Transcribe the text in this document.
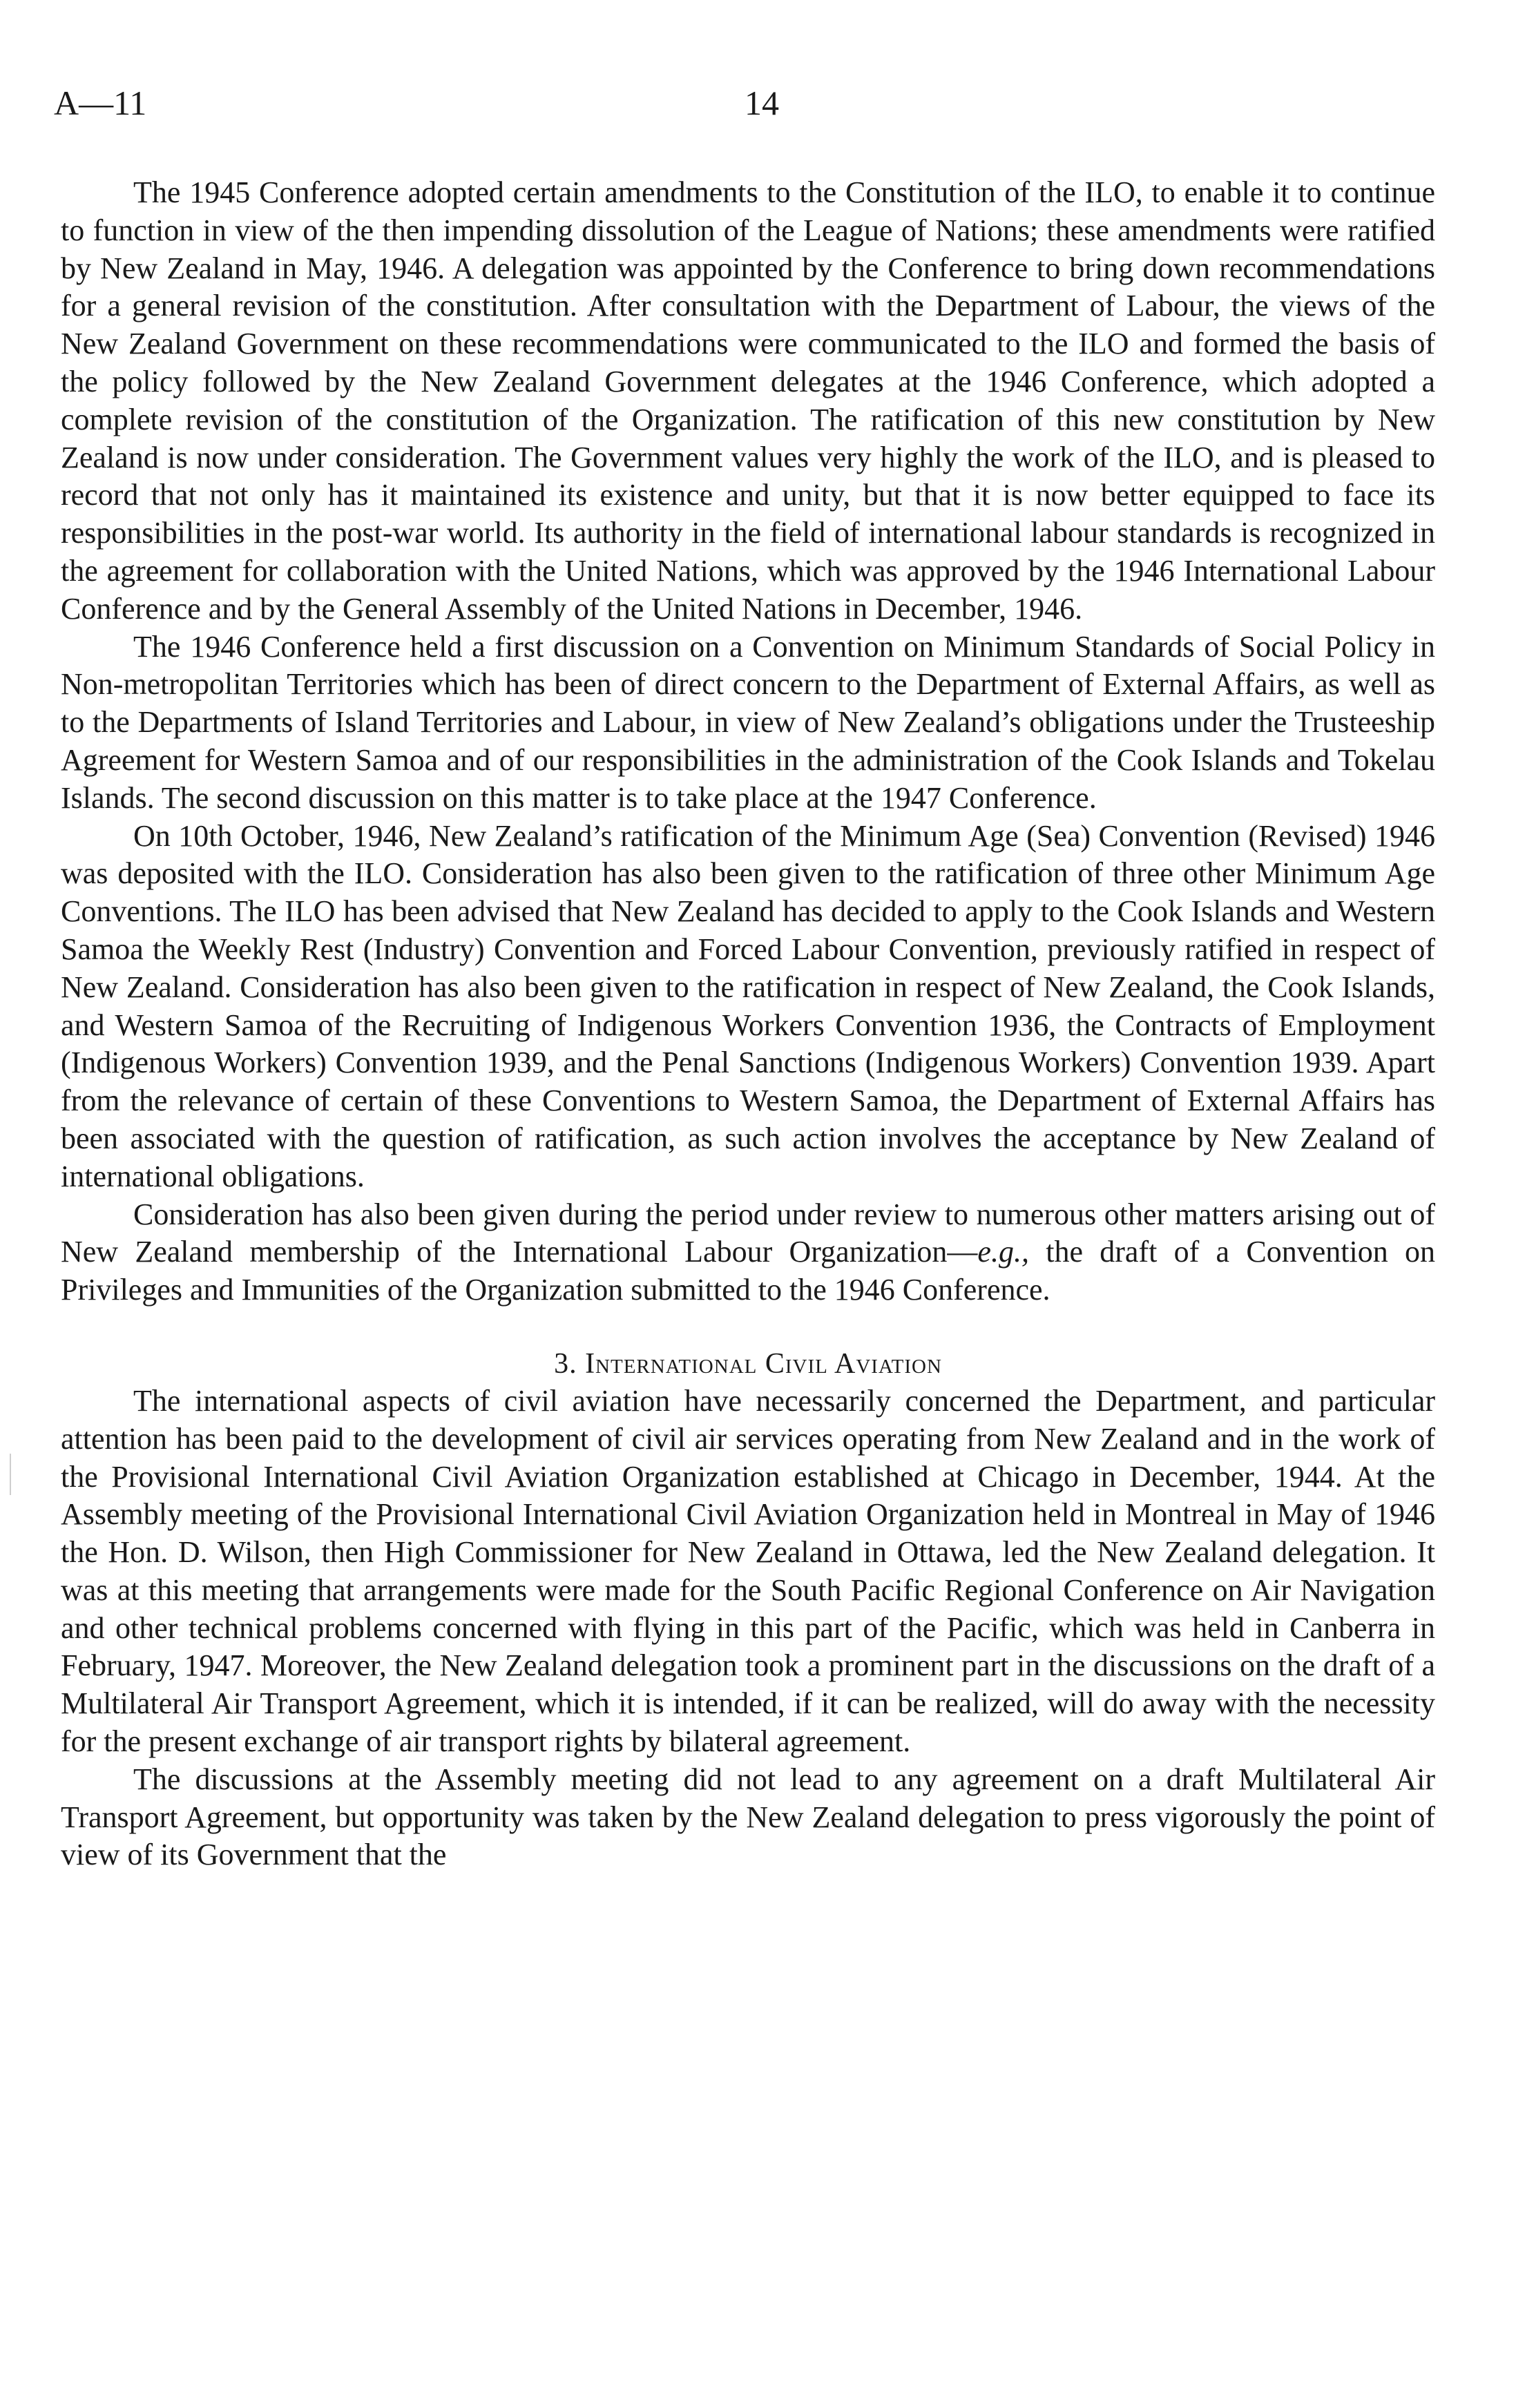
A—11	14

The 1945 Conference adopted certain amendments to the Constitution of the ILO, to enable it to continue to function in view of the then impending dissolution of the League of Nations; these amendments were ratified by New Zealand in May, 1946. A delegation was appointed by the Conference to bring down recommendations for a general revision of the constitution. After consultation with the Department of Labour, the views of the New Zealand Government on these recommendations were communicated to the ILO and formed the basis of the policy followed by the New Zealand Government delegates at the 1946 Conference, which adopted a complete revision of the constitution of the Organization. The ratification of this new constitution by New Zealand is now under consideration. The Government values very highly the work of the ILO, and is pleased to record that not only has it maintained its existence and unity, but that it is now better equipped to face its responsibilities in the post-war world. Its authority in the field of international labour standards is recognized in the agreement for collaboration with the United Nations, which was approved by the 1946 International Labour Conference and by the General Assembly of the United Nations in December, 1946.

The 1946 Conference held a first discussion on a Convention on Minimum Standards of Social Policy in Non-metropolitan Territories which has been of direct concern to the Department of External Affairs, as well as to the Departments of Island Territories and Labour, in view of New Zealand’s obligations under the Trusteeship Agreement for Western Samoa and of our responsibilities in the administration of the Cook Islands and Tokelau Islands. The second discussion on this matter is to take place at the 1947 Conference.

On 10th October, 1946, New Zealand’s ratification of the Minimum Age (Sea) Convention (Revised) 1946 was deposited with the ILO. Consideration has also been given to the ratification of three other Minimum Age Conventions. The ILO has been advised that New Zealand has decided to apply to the Cook Islands and Western Samoa the Weekly Rest (Industry) Convention and Forced Labour Convention, previously ratified in respect of New Zealand. Consideration has also been given to the ratification in respect of New Zealand, the Cook Islands, and Western Samoa of the Recruiting of Indigenous Workers Convention 1936, the Contracts of Employment (Indigenous Workers) Convention 1939, and the Penal Sanctions (Indigenous Workers) Convention 1939. Apart from the relevance of certain of these Conventions to Western Samoa, the Department of External Affairs has been associated with the question of ratification, as such action involves the acceptance by New Zealand of international obligations.

Consideration has also been given during the period under review to numerous other matters arising out of New Zealand membership of the International Labour Organization—e.g., the draft of a Convention on Privileges and Immunities of the Organization submitted to the 1946 Conference.

3. International Civil Aviation

The international aspects of civil aviation have necessarily concerned the Department, and particular attention has been paid to the development of civil air services operating from New Zealand and in the work of the Provisional International Civil Aviation Organization established at Chicago in December, 1944. At the Assembly meeting of the Provisional International Civil Aviation Organization held in Montreal in May of 1946 the Hon. D. Wilson, then High Commissioner for New Zealand in Ottawa, led the New Zealand delegation. It was at this meeting that arrangements were made for the South Pacific Regional Conference on Air Navigation and other technical problems concerned with flying in this part of the Pacific, which was held in Canberra in February, 1947. Moreover, the New Zealand delegation took a prominent part in the discussions on the draft of a Multilateral Air Transport Agreement, which it is intended, if it can be realized, will do away with the necessity for the present exchange of air transport rights by bilateral agreement.

The discussions at the Assembly meeting did not lead to any agreement on a draft Multilateral Air Transport Agreement, but opportunity was taken by the New Zealand delegation to press vigorously the point of view of its Government that the
